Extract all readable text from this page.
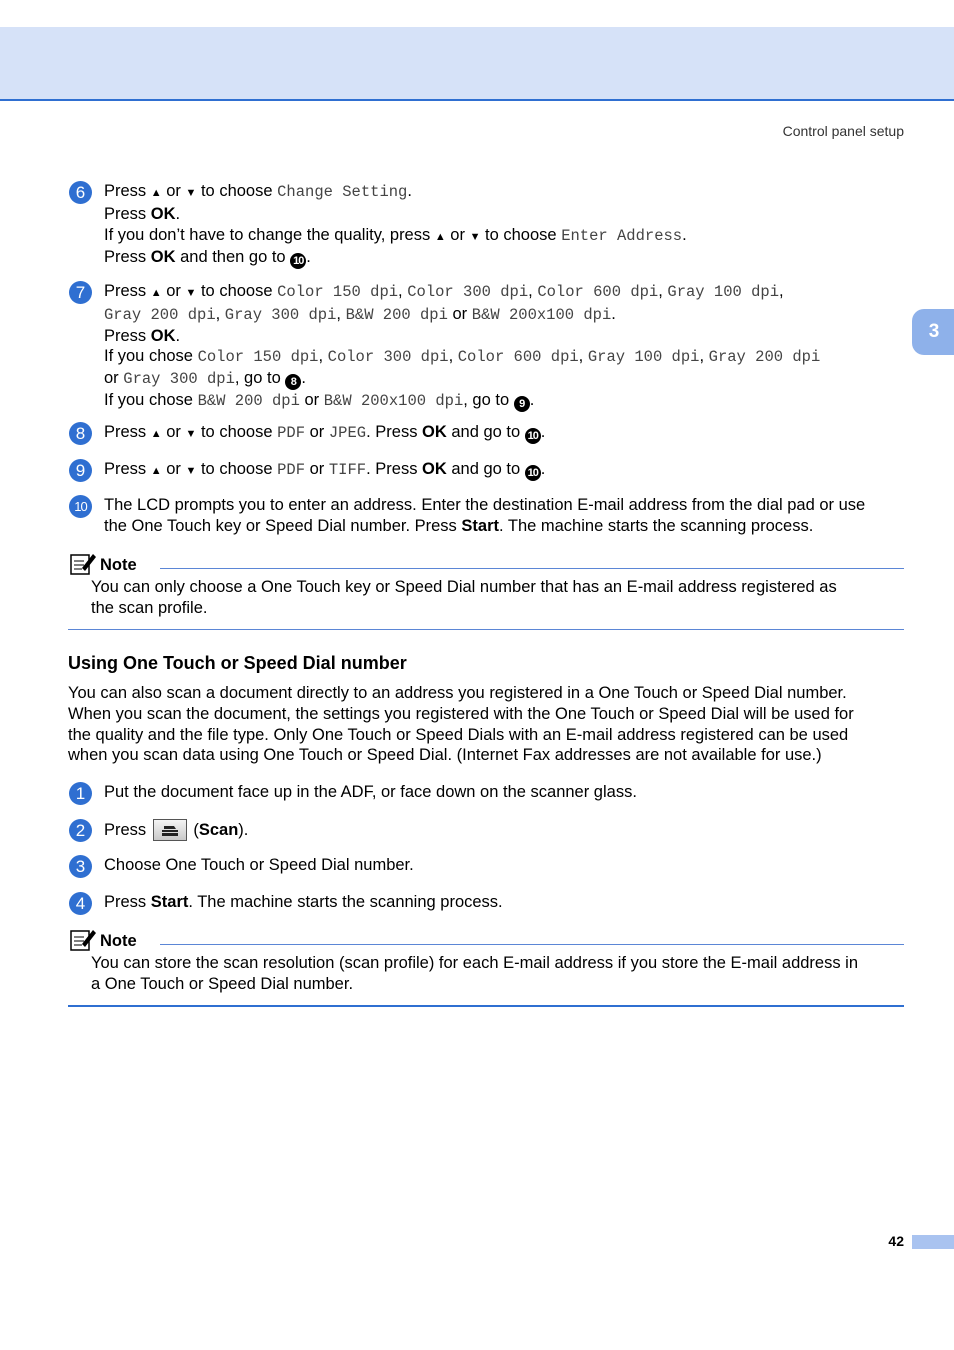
Control panel setup
3
6	Press ▲ or ▼ to choose Change Setting.
Press OK.
If you don’t have to change the quality, press ▲ or ▼ to choose Enter Address.
Press OK and then go to 10 .
7	Press ▲ or ▼ to choose Color 150 dpi, Color 300 dpi, Color 600 dpi, Gray 100 dpi,
Gray 200 dpi, Gray 300 dpi, B&W 200 dpi or B&W 200x100 dpi.
Press OK.
If you chose Color 150 dpi, Color 300 dpi, Color 600 dpi, Gray 100 dpi, Gray 200 dpi
or Gray 300 dpi, go to 8 .
If you chose B&W 200 dpi or B&W 200x100 dpi, go to 9 .
8	Press ▲ or ▼ to choose PDF or JPEG. Press OK and go to 10 .
9	Press ▲ or ▼ to choose PDF or TIFF. Press OK and go to 10 .
10	The LCD prompts you to enter an address. Enter the destination E-mail address from the dial pad or use
the One Touch key or Speed Dial number. Press Start. The machine starts the scanning process.
Note
You can only choose a One Touch key or Speed Dial number that has an E-mail address registered as
the scan profile.
Using One Touch or Speed Dial number
You can also scan a document directly to an address you registered in a One Touch or Speed Dial number.
When you scan the document, the settings you registered with the One Touch or Speed Dial will be used for
the quality and the file type. Only One Touch or Speed Dials with an E-mail address registered can be used
when you scan data using One Touch or Speed Dial. (Internet Fax addresses are not available for use.)
1	Put the document face up in the ADF, or face down on the scanner glass.
2	Press
(Scan).
3	Choose One Touch or Speed Dial number.
4	Press Start. The machine starts the scanning process.
Note
You can store the scan resolution (scan profile) for each E-mail address if you store the E-mail address in
a One Touch or Speed Dial number.
42
